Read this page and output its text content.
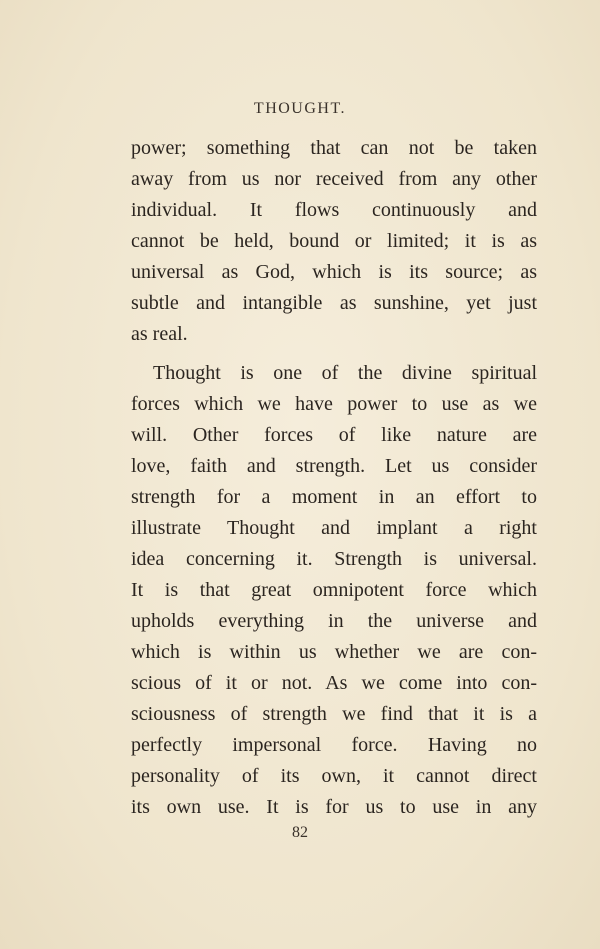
THOUGHT.
power; something that can not be taken
away from us nor received from any other
individual. It flows continuously and
cannot be held, bound or limited; it is as
universal as God, which is its source; as
subtle and intangible as sunshine, yet just
as real.
Thought is one of the divine spiritual
forces which we have power to use as we
will. Other forces of like nature are
love, faith and strength. Let us consider
strength for a moment in an effort to
illustrate Thought and implant a right
idea concerning it. Strength is universal.
It is that great omnipotent force which
upholds everything in the universe and
which is within us whether we are con-
scious of it or not. As we come into con-
sciousness of strength we find that it is a
perfectly impersonal force. Having no
personality of its own, it cannot direct
its own use. It is for us to use in any
82
